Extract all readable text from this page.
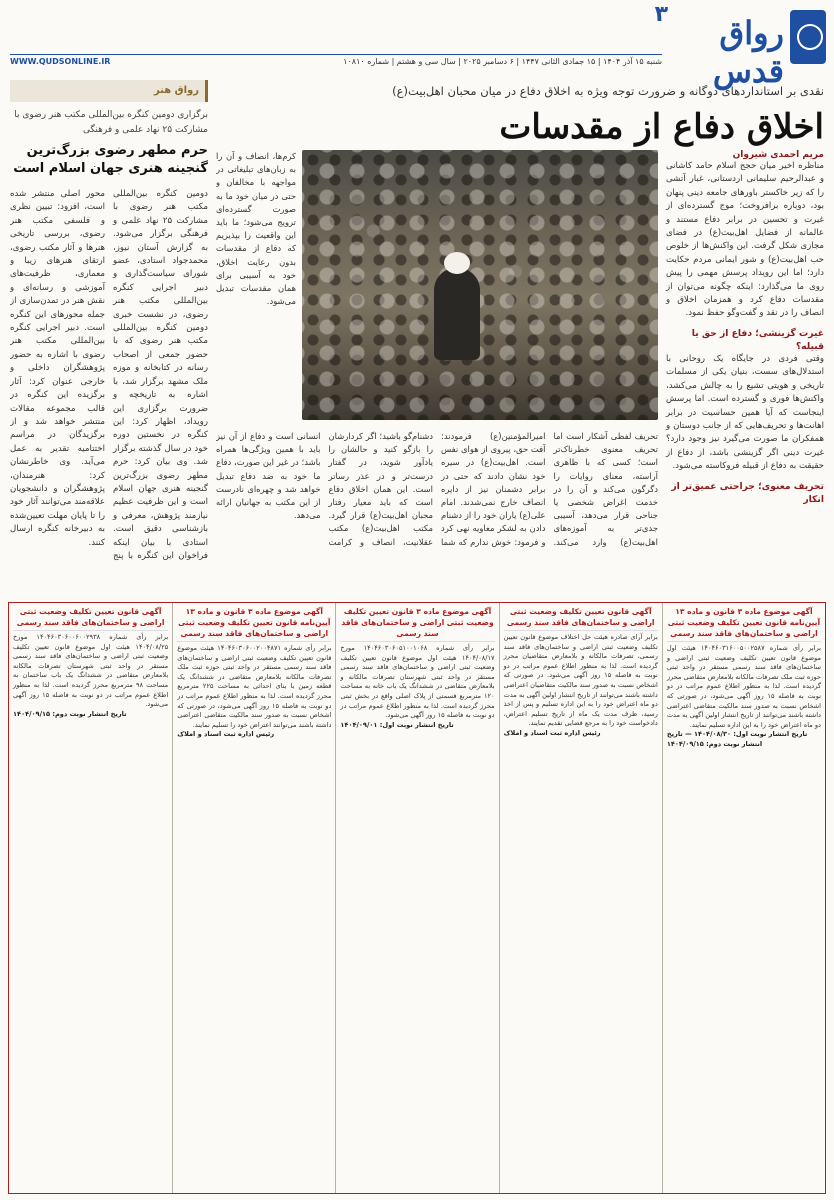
رواق قدس
۳
WWW.QUDSONLINE.IR	شنبه ۱۵ آذر ۱۴۰۴ | ۱۵ جمادی الثانی ۱۴۴۷ | ۶ دسامبر ۲۰۲۵ | سال سی و هشتم | شماره ۱۰۸۱۰
رواق هنر
برگزاری دومین کنگره بین‌المللی مکتب هنر رضوی با مشارکت ۲۵ نهاد علمی و فرهنگی
حرم مطهر رضوی بزرگ‌ترین گنجینه هنری جهان اسلام است
دومین کنگره بین‌المللی مکتب هنر رضوی با مشارکت ۲۵ نهاد علمی و فرهنگی برگزار می‌شود. به گزارش آستان نیوز، محمدجواد استادی، عضو شورای سیاست‌گذاری و دبیر اجرایی کنگره بین‌المللی مکتب هنر رضوی، در نشست خبری دومین کنگره بین‌المللی مکتب هنر رضوی که با حضور جمعی از اصحاب رسانه در کتابخانه و موزه ملک مشهد برگزار شد، با اشاره به تاریخچه و ضرورت برگزاری این رویداد، اظهار کرد: این کنگره در نخستین دوره خود در سال گذشته برگزار شد. وی بیان کرد: حرم مطهر رضوی بزرگ‌ترین گنجینه هنری جهان اسلام است و این ظرفیت عظیم نیازمند پژوهش، معرفی و بازشناسی دقیق است. استادی با بیان اینکه فراخوان این کنگره با پنج محور اصلی منتشر شده است، افزود: تبیین نظری و فلسفی مکتب هنر رضوی، بررسی تاریخی هنرها و آثار مکتب رضوی، ارتقای هنرهای زیبا و معماری، ظرفیت‌های آموزشی و رسانه‌ای و نقش هنر در تمدن‌سازی از جمله محورهای این کنگره است. دبیر اجرایی کنگره بین‌المللی مکتب هنر رضوی با اشاره به حضور پژوهشگران داخلی و خارجی عنوان کرد: آثار برگزیده این کنگره در قالب مجموعه مقالات منتشر خواهد شد و از برگزیدگان در مراسم اختتامیه تقدیر به عمل می‌آید. وی خاطرنشان کرد: هنرمندان، پژوهشگران و دانشجویان علاقه‌مند می‌توانند آثار خود را تا پایان مهلت تعیین‌شده به دبیرخانه کنگره ارسال کنند.
نقدی بر استانداردهای دوگانه و ضرورت توجه ویژه به اخلاق دفاع در میان محبان اهل‌بیت(ع)
اخلاق دفاع از مقدسات
مریم احمدی شیروان
مناظره اخیر میان حجج اسلام حامد کاشانی و عبدالرحیم سلیمانی اردستانی، غبار آتشی را که زیر خاکستر باورهای جامعه دینی پنهان بود، دوباره برافروخت؛ موج گسترده‌ای از غیرت و تحسین در برابر دفاع مستند و عالمانه از فضایل اهل‌بیت(ع) در فضای مجازی شکل گرفت. این واکنش‌ها از خلوص حب اهل‌بیت(ع) و شور ایمانی مردم حکایت دارد؛ اما این رویداد پرسش مهمی را پیش روی ما می‌گذارد: اینکه چگونه می‌توان از مقدسات دفاع کرد و همزمان اخلاق و انصاف را در نقد و گفت‌وگو حفظ نمود.
غیرت گزینشی؛ دفاع از حق یا قبیله؟
وقتی فردی در جایگاه یک روحانی با استدلال‌های سست، بنیان یکی از مسلمات تاریخی و هویتی تشیع را به چالش می‌کشد، واکنش‌ها فوری و گسترده است. اما پرسش اینجاست که آیا همین حساسیت در برابر اهانت‌ها و تحریف‌هایی که از جانب دوستان و همفکران ما صورت می‌گیرد نیز وجود دارد؟ غیرت دینی اگر گزینشی باشد، از دفاع از حقیقت به دفاع از قبیله فروکاسته می‌شود.
تحریف معنوی؛ جراحتی عمیق‌تر از انکار
کرم‌ها، انصاف و آن را به زبان‌های تبلیغاتی در مواجهه با مخالفان و حتی در میان خود ما به صورت گسترده‌ای ترویج می‌شود؛ ما باید این واقعیت را بپذیریم که دفاع از مقدسات بدون رعایت اخلاق، خود به آسیبی برای همان مقدسات تبدیل می‌شود.
تحریف لفظی آشکار است اما تحریف معنوی خطرناک‌تر است؛ کسی که با ظاهری آراسته، معنای روایات را دگرگون می‌کند و آن را در خدمت اغراض شخصی یا جناحی قرار می‌دهد، آسیبی جدی‌تر به آموزه‌های اهل‌بیت(ع) وارد می‌کند. امیرالمؤمنین(ع) فرمودند: آفت حق، پیروی از هوای نفس است. اهل‌بیت(ع) در سیره خود نشان دادند که حتی در برابر دشمنان نیز از دایره انصاف خارج نمی‌شدند. امام علی(ع) یاران خود را از دشنام دادن به لشکر معاویه نهی کرد و فرمود: خوش ندارم که شما دشنام‌گو باشید؛ اگر کردارشان را بازگو کنید و حالشان را یادآور شوید، در گفتار درست‌تر و در عذر رساتر است. این همان اخلاق دفاع است که باید معیار رفتار محبان اهل‌بیت(ع) قرار گیرد. مکتب اهل‌بیت(ع) مکتب عقلانیت، انصاف و کرامت انسانی است و دفاع از آن نیز باید با همین ویژگی‌ها همراه باشد؛ در غیر این صورت، دفاع ما خود به ضد دفاع تبدیل خواهد شد و چهره‌ای نادرست از این مکتب به جهانیان ارائه می‌دهد.
آگهی موضوع ماده ۳ قانون و ماده ۱۳ آیین‌نامه قانون تعیین تکلیف وضعیت ثبتی اراضی و ساختمان‌های فاقد سند رسمی
برابر رأی شماره ۱۴۰۴۶۰۳۱۶۰۰۵۰۰۲۵۸۷ هیئت اول موضوع قانون تعیین تکلیف وضعیت ثبتی اراضی و ساختمان‌های فاقد سند رسمی مستقر در واحد ثبتی حوزه ثبت ملک تصرفات مالکانه بلامعارض متقاضی محرز گردیده است. لذا به منظور اطلاع عموم مراتب در دو نوبت به فاصله ۱۵ روز آگهی می‌شود، در صورتی که اشخاص نسبت به صدور سند مالکیت متقاضی اعتراضی داشته باشند می‌توانند از تاریخ انتشار اولین آگهی به مدت دو ماه اعتراض خود را به این اداره تسلیم نمایند.
تاریخ انتشار نوبت اول: ۱۴۰۴/۰۸/۳۰ — تاریخ انتشار نوبت دوم: ۱۴۰۴/۰۹/۱۵
آگهی قانون تعیین تکلیف وضعیت ثبتی اراضی و ساختمان‌های فاقد سند رسمی
برابر آرای صادره هیئت حل اختلاف موضوع قانون تعیین تکلیف وضعیت ثبتی اراضی و ساختمان‌های فاقد سند رسمی، تصرفات مالکانه و بلامعارض متقاضیان محرز گردیده است. لذا به منظور اطلاع عموم مراتب در دو نوبت به فاصله ۱۵ روز آگهی می‌شود. در صورتی که اشخاص نسبت به صدور سند مالکیت متقاضیان اعتراضی داشته باشند می‌توانند از تاریخ انتشار اولین آگهی به مدت دو ماه اعتراض خود را به این اداره تسلیم و پس از اخذ رسید، ظرف مدت یک ماه از تاریخ تسلیم اعتراض، دادخواست خود را به مرجع قضایی تقدیم نمایند.
رئیس اداره ثبت اسناد و املاک
آگهی موضوع ماده ۳ قانون تعیین تکلیف وضعیت ثبتی اراضی و ساختمان‌های فاقد سند رسمی
برابر رأی شماره ۱۴۰۴۶۰۳۰۶۰۵۱۰۰۱۰۶۸ مورخ ۱۴۰۴/۰۸/۱۷ هیئت اول موضوع قانون تعیین تکلیف وضعیت ثبتی اراضی و ساختمان‌های فاقد سند رسمی مستقر در واحد ثبتی شهرستان تصرفات مالکانه و بلامعارض متقاضی در ششدانگ یک باب خانه به مساحت ۱۲۰ مترمربع قسمتی از پلاک اصلی واقع در بخش ثبتی محرز گردیده است. لذا به منظور اطلاع عموم مراتب در دو نوبت به فاصله ۱۵ روز آگهی می‌شود.
تاریخ انتشار نوبت اول: ۱۴۰۴/۰۹/۰۱
آگهی موضوع ماده ۳ قانون و ماده ۱۳ آیین‌نامه قانون تعیین تکلیف وضعیت ثبتی اراضی و ساختمان‌های فاقد سند رسمی
برابر رأی شماره ۱۴۰۴۶۰۳۰۶۰۰۲۰۰۴۸۷۱ هیئت موضوع قانون تعیین تکلیف وضعیت ثبتی اراضی و ساختمان‌های فاقد سند رسمی مستقر در واحد ثبتی حوزه ثبت ملک تصرفات مالکانه بلامعارض متقاضی در ششدانگ یک قطعه زمین با بنای احداثی به مساحت ۲۲۵ مترمربع محرز گردیده است. لذا به منظور اطلاع عموم مراتب در دو نوبت به فاصله ۱۵ روز آگهی می‌شود، در صورتی که اشخاص نسبت به صدور سند مالکیت متقاضی اعتراضی داشته باشند می‌توانند اعتراض خود را تسلیم نمایند.
رئیس اداره ثبت اسناد و املاک
آگهی قانون تعیین تکلیف وضعیت ثبتی اراضی و ساختمان‌های فاقد سند رسمی
برابر رأی شماره ۱۴۰۴۶۰۳۰۶۰۰۶۰۰۲۹۳۸ مورخ ۱۴۰۴/۰۸/۲۵ هیئت اول موضوع قانون تعیین تکلیف وضعیت ثبتی اراضی و ساختمان‌های فاقد سند رسمی مستقر در واحد ثبتی شهرستان تصرفات مالکانه بلامعارض متقاضی در ششدانگ یک باب ساختمان به مساحت ۹۸ مترمربع محرز گردیده است. لذا به منظور اطلاع عموم مراتب در دو نوبت به فاصله ۱۵ روز آگهی می‌شود.
تاریخ انتشار نوبت دوم: ۱۴۰۴/۰۹/۱۵
